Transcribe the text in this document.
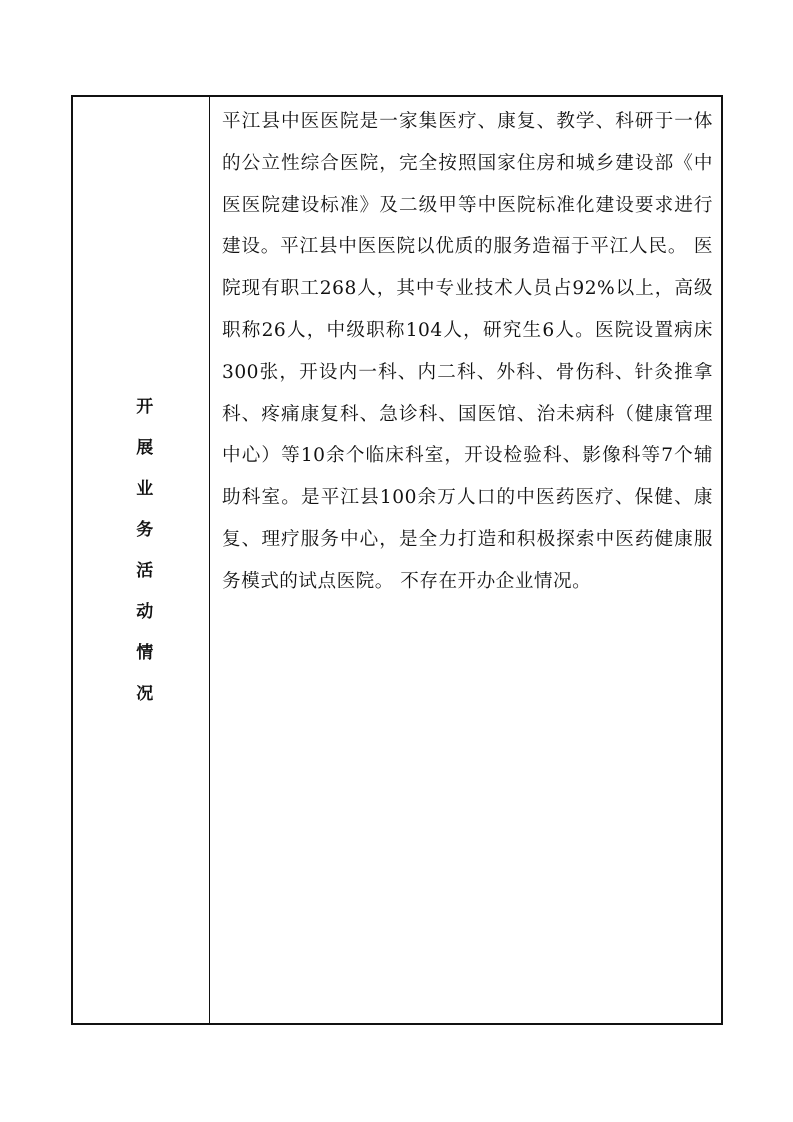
开展业务活动情况

平江县中医医院是一家集医疗、康复、教学、科研于一体的公立性综合医院，完全按照国家住房和城乡建设部《中医医院建设标准》及二级甲等中医院标准化建设要求进行建设。平江县中医医院以优质的服务造福于平江人民。 医院现有职工268人，其中专业技术人员占92%以上，高级职称26人，中级职称104人，研究生6人。医院设置病床300张，开设内一科、内二科、外科、骨伤科、针灸推拿科、疼痛康复科、急诊科、国医馆、治未病科（健康管理中心）等10余个临床科室，开设检验科、影像科等7个辅助科室。是平江县100余万人口的中医药医疗、保健、康复、理疗服务中心，是全力打造和积极探索中医药健康服务模式的试点医院。 不存在开办企业情况。
